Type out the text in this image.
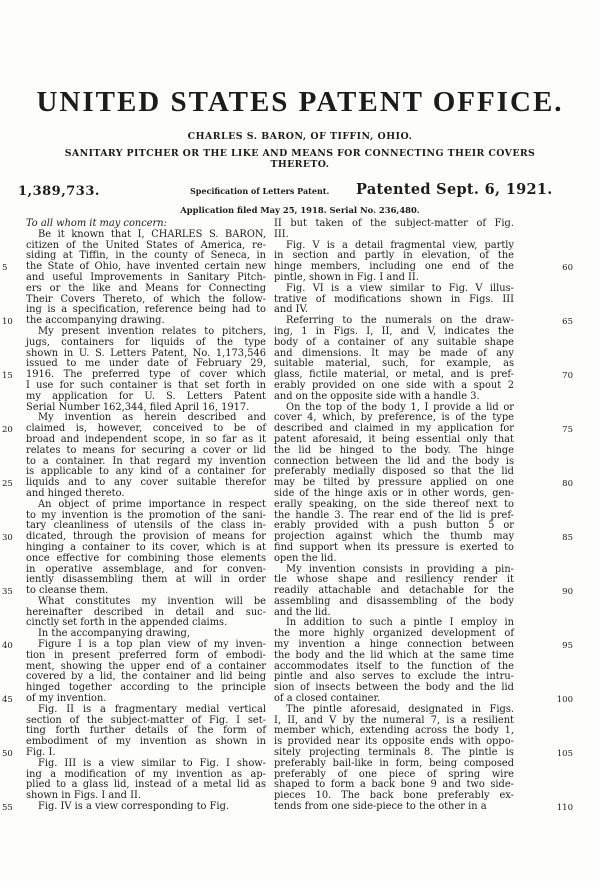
UNITED STATES PATENT OFFICE.
CHARLES S. BARON, OF TIFFIN, OHIO.
SANITARY PITCHER OR THE LIKE AND MEANS FOR CONNECTING THEIR COVERS
THERETO.
1,389,733.	Specification of Letters Patent. Patented Sept. 6, 1921.
Application filed May 25, 1918. Serial No. 236,480.
To all whom it may concern:
Be it known that I, CHARLES S. BARON,
citizen of the United States of America, re-
siding at Tiffin, in the county of Seneca, in
the State of Ohio, have invented certain new
and useful Improvements in Sanitary Pitch-
ers or the like and Means for Connecting
Their Covers Thereto, of which the follow-
ing is a specification, reference being had to
the accompanying drawing.
My present invention relates to pitchers,
jugs, containers for liquids of the type
shown in U. S. Letters Patent, No. 1,173,546
issued to me under date of February 29,
1916. The preferred type of cover which
I use for such container is that set forth in
my application for U. S. Letters Patent
Serial Number 162,344, filed April 16, 1917.
My invention as herein described and
claimed is, however, conceived to be of
broad and independent scope, in so far as it
relates to means for securing a cover or lid
to a container. In that regard my invention
is applicable to any kind of a container for
liquids and to any cover suitable therefor
and hinged thereto.
An object of prime importance in respect
to my invention is the promotion of the sani-
tary cleanliness of utensils of the class in-
dicated, through the provision of means for
hinging a container to its cover, which is at
once effective for combining those elements
in operative assemblage, and for conven-
iently disassembling them at will in order
to cleanse them.
What constitutes my invention will be
hereinafter described in detail and suc-
cinctly set forth in the appended claims.
In the accompanying drawing,
Figure I is a top plan view of my inven-
tion in present preferred form of embodi-
ment, showing the upper end of a container
covered by a lid, the container and lid being
hinged together according to the principle
of my invention.
Fig. II is a fragmentary medial vertical
section of the subject-matter of Fig. I set-
ting forth further details of the form of
embodiment of my invention as shown in
Fig. I.
Fig. III is a view similar to Fig. I show-
ing a modification of my invention as ap-
plied to a glass lid, instead of a metal lid as
shown in Figs. I and II.
Fig. IV is a view corresponding to Fig.
II but taken of the subject-matter of Fig.
III.
Fig. V is a detail fragmental view, partly
in section and partly in elevation, of the
hinge members, including one end of the
pintle, shown in Fig. I and II.
Fig. VI is a view similar to Fig. V illus-
trative of modifications shown in Figs. III
and IV.
Referring to the numerals on the draw-
ing, 1 in Figs. I, II, and V, indicates the
body of a container of any suitable shape
and dimensions. It may be made of any
suitable material, such, for example, as
glass, fictile material, or metal, and is pref-
erably provided on one side with a spout 2
and on the opposite side with a handle 3.
On the top of the body 1, I provide a lid or
cover 4, which, by preference, is of the type
described and claimed in my application for
patent aforesaid, it being essential only that
the lid be hinged to the body. The hinge
connection between the lid and the body is
preferably medially disposed so that the lid
may be tilted by pressure applied on one
side of the hinge axis or in other words, gen-
erally speaking, on the side thereof next to
the handle 3. The rear end of the lid is pref-
erably provided with a push button 5 or
projection against which the thumb may
find support when its pressure is exerted to
open the lid.
My invention consists in providing a pin-
tle whose shape and resiliency render it
readily attachable and detachable for the
assembling and disassembling of the body
and the lid.
In addition to such a pintle I employ in
the more highly organized development of
my invention a hinge connection between
the body and the lid which at the same time
accommodates itself to the function of the
pintle and also serves to exclude the intru-
sion of insects between the body and the lid
of a closed container.
The pintle aforesaid, designated in Figs.
I, II, and V by the numeral 7, is a resilient
member which, extending across the body 1,
is provided near its opposite ends with oppo-
sitely projecting terminals 8. The pintle is
preferably bail-like in form, being composed
preferably of one piece of spring wire
shaped to form a back bone 9 and two side-
pieces 10. The back bone preferably ex-
tends from one side-piece to the other in a
5
10
15
20
25
30
35
40
45
50
55
60
65
70
75
80
85
90
95
100
105
110
